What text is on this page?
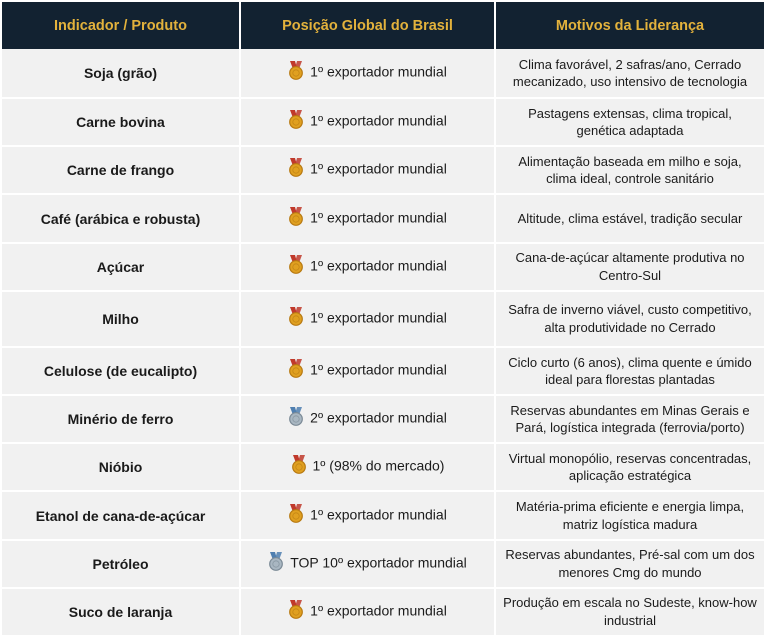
Indicador / Produto	Posição Global do Brasil	Motivos da Liderança
Soja (grão)	1º exportador mundial	Clima favorável, 2 safras/ano, Cerrado mecanizado, uso intensivo de tecnologia
Carne bovina	1º exportador mundial	Pastagens extensas, clima tropical, genética adaptada
Carne de frango	1º exportador mundial	Alimentação baseada em milho e soja, clima ideal, controle sanitário
Café (arábica e robusta)	1º exportador mundial	Altitude, clima estável, tradição secular
Açúcar	1º exportador mundial	Cana-de-açúcar altamente produtiva no Centro-Sul
Milho	1º exportador mundial	Safra de inverno viável, custo competitivo, alta produtividade no Cerrado
Celulose (de eucalipto)	1º exportador mundial	Ciclo curto (6 anos), clima quente e úmido ideal para florestas plantadas
Minério de ferro	2º exportador mundial	Reservas abundantes em Minas Gerais e Pará, logística integrada (ferrovia/porto)
Nióbio	1º (98% do mercado)	Virtual monopólio, reservas concentradas, aplicação estratégica
Etanol de cana-de-açúcar	1º exportador mundial	Matéria-prima eficiente e energia limpa, matriz logística madura
Petróleo	TOP 10º exportador mundial	Reservas abundantes, Pré-sal com um dos menores Cmg do mundo
Suco de laranja	1º exportador mundial	Produção em escala no Sudeste, know-how industrial
